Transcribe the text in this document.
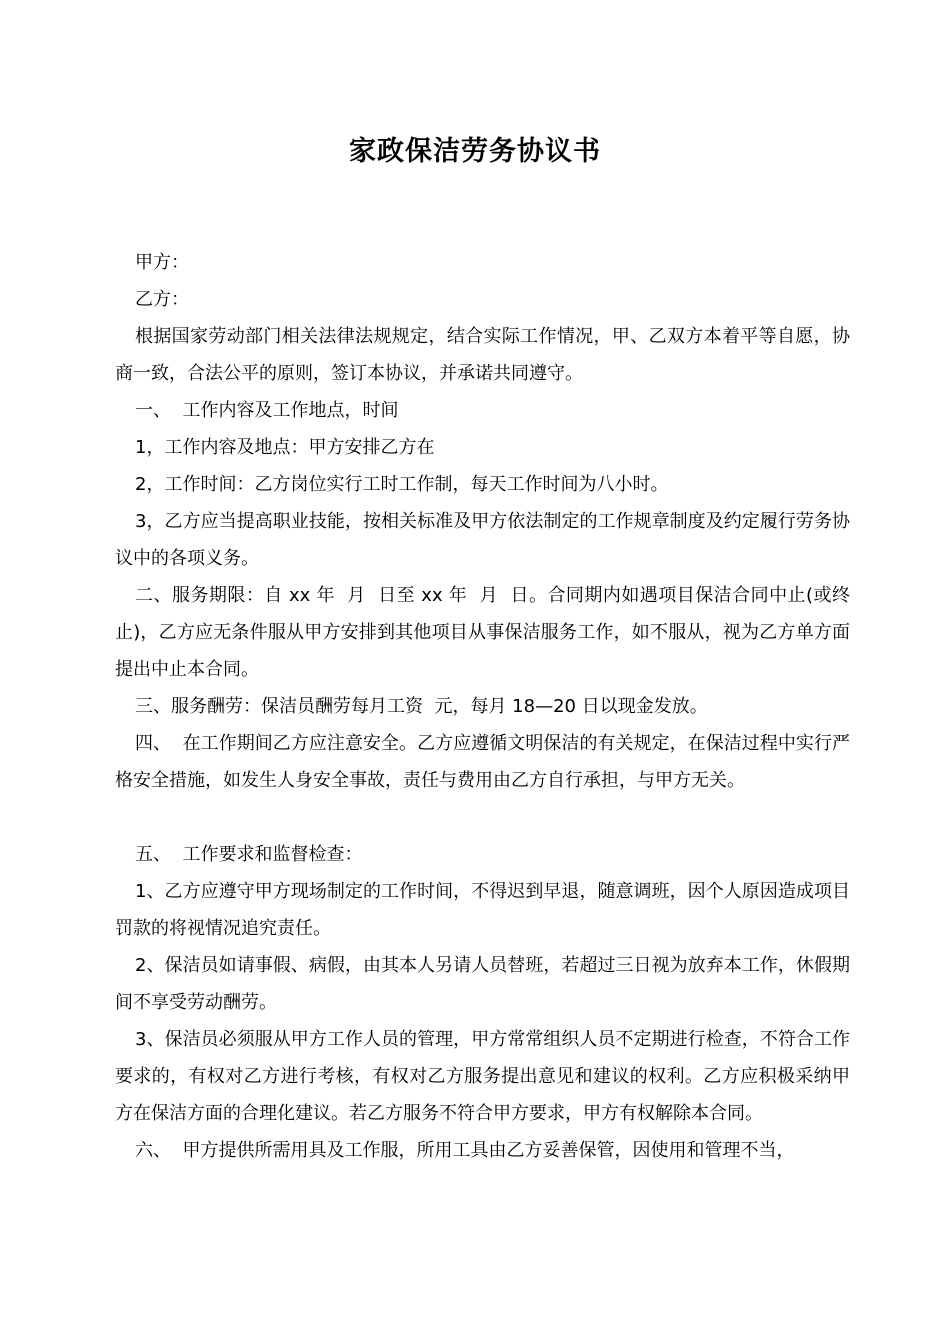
家政保洁劳务协议书

甲方：

乙方：

根据国家劳动部门相关法律法规规定，结合实际工作情况，甲、乙双方本着平等自愿，协商一致，合法公平的原则，签订本协议，并承诺共同遵守。

一、  工作内容及工作地点，时间

1，工作内容及地点：甲方安排乙方在

2，工作时间：乙方岗位实行工时工作制，每天工作时间为八小时。

3，乙方应当提高职业技能，按相关标准及甲方依法制定的工作规章制度及约定履行劳务协议中的各项义务。

二、服务期限：自 xx 年  月  日至 xx 年  月  日。合同期内如遇项目保洁合同中止(或终止)，乙方应无条件服从甲方安排到其他项目从事保洁服务工作，如不服从，视为乙方单方面提出中止本合同。

三、服务酬劳：保洁员酬劳每月工资  元，每月 18—20 日以现金发放。

四、  在工作期间乙方应注意安全。乙方应遵循文明保洁的有关规定，在保洁过程中实行严格安全措施，如发生人身安全事故，责任与费用由乙方自行承担，与甲方无关。

五、  工作要求和监督检查：

1、乙方应遵守甲方现场制定的工作时间，不得迟到早退，随意调班，因个人原因造成项目罚款的将视情况追究责任。

2、保洁员如请事假、病假，由其本人另请人员替班，若超过三日视为放弃本工作，休假期间不享受劳动酬劳。

3、保洁员必须服从甲方工作人员的管理，甲方常常组织人员不定期进行检查，不符合工作要求的，有权对乙方进行考核，有权对乙方服务提出意见和建议的权利。乙方应积极采纳甲方在保洁方面的合理化建议。若乙方服务不符合甲方要求，甲方有权解除本合同。

六、  甲方提供所需用具及工作服，所用工具由乙方妥善保管，因使用和管理不当，
